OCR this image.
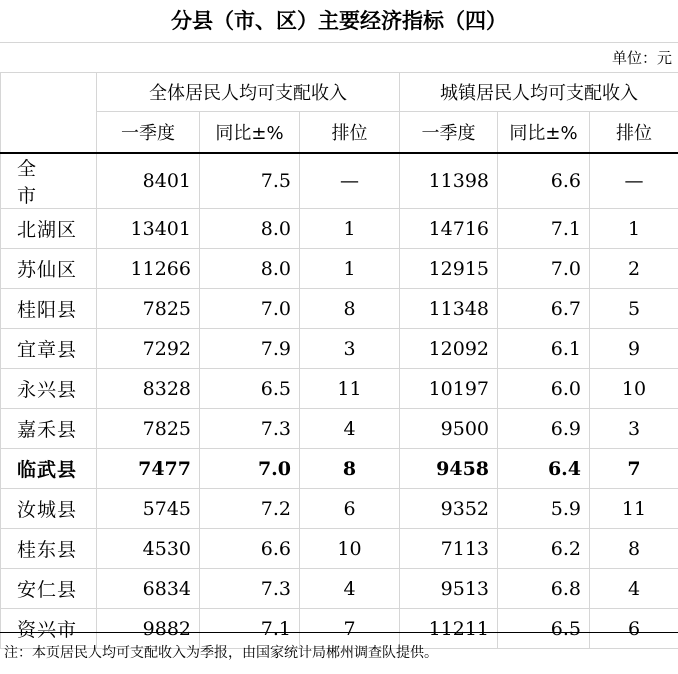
分县（市、区）主要经济指标（四）
单位：元
	全体居民人均可支配收入			城镇居民人均可支配收入		
	一季度	同比±%	排位	一季度	同比±%	排位
全 市	8401	7.5	—	11398	6.6	—
北湖区	13401	8.0	1	14716	7.1	1
苏仙区	11266	8.0	1	12915	7.0	2
桂阳县	7825	7.0	8	11348	6.7	5
宜章县	7292	7.9	3	12092	6.1	9
永兴县	8328	6.5	11	10197	6.0	10
嘉禾县	7825	7.3	4	9500	6.9	3
临武县	7477	7.0	8	9458	6.4	7
汝城县	5745	7.2	6	9352	5.9	11
桂东县	4530	6.6	10	7113	6.2	8
安仁县	6834	7.3	4	9513	6.8	4
资兴市	9882	7.1	7	11211	6.5	6
注：本页居民人均可支配收入为季报，由国家统计局郴州调查队提供。
